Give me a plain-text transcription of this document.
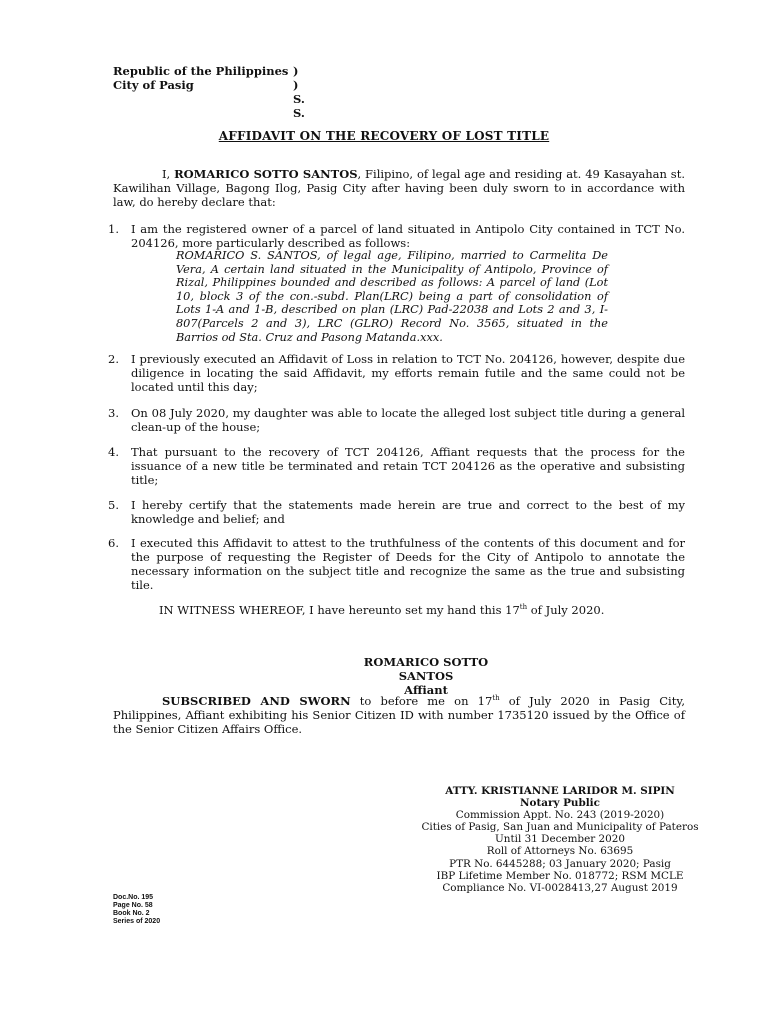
Republic of the Philippines )
City of Pasig	) S. S.
AFFIDAVIT ON THE RECOVERY OF LOST TITLE
I, ROMARICO SOTTO SANTOS, Filipino, of legal age and residing at. 49 Kasayahan st. Kawilihan Village, Bagong Ilog, Pasig City after having been duly sworn to in accordance with law, do hereby declare that:
1. I am the registered owner of a parcel of land situated in Antipolo City contained in TCT No. 204126, more particularly described as follows:
ROMARICO S. SANTOS, of legal age, Filipino, married to Carmelita De Vera, A certain land situated in the Municipality of Antipolo, Province of Rizal, Philippines bounded and described as follows: A parcel of land (Lot 10, block 3 of the con.-subd. Plan(LRC) being a part of consolidation of Lots 1-A and 1-B, described on plan (LRC) Pad-22038 and Lots 2 and 3, I-807(Parcels 2 and 3), LRC (GLRO) Record No. 3565, situated in the Barrios od Sta. Cruz and Pasong Matanda.xxx.
2. I previously executed an Affidavit of Loss in relation to TCT No. 204126, however, despite due diligence in locating the said Affidavit, my efforts remain futile and the same could not be located until this day;
3. On 08 July 2020, my daughter was able to locate the alleged lost subject title during a general clean-up of the house;
4. That pursuant to the recovery of TCT 204126, Affiant requests that the process for the issuance of a new title be terminated and retain TCT 204126 as the operative and subsisting title;
5. I hereby certify that the statements made herein are true and correct to the best of my knowledge and belief; and
6. I executed this Affidavit to attest to the truthfulness of the contents of this document and for the purpose of requesting the Register of Deeds for the City of Antipolo to annotate the necessary information on the subject title and recognize the same as the true and subsisting tile.
IN WITNESS WHEREOF, I have hereunto set my hand this 17th of July 2020.
ROMARICO SOTTO SANTOS
Affiant
SUBSCRIBED AND SWORN to before me on 17th of July 2020 in Pasig City, Philippines, Affiant exhibiting his Senior Citizen ID with number 1735120 issued by the Office of the Senior Citizen Affairs Office.
ATTY. KRISTIANNE LARIDOR M. SIPIN
Notary Public
Commission Appt. No. 243 (2019-2020)
Cities of Pasig, San Juan and Municipality of Pateros
Until 31 December 2020
Roll of Attorneys No. 63695
PTR No. 6445288; 03 January 2020; Pasig
IBP Lifetime Member No. 018772; RSM MCLE
Compliance No. VI-0028413,27 August 2019
Doc.No. 195
Page No. 58
Book No. 2
Series of 2020
